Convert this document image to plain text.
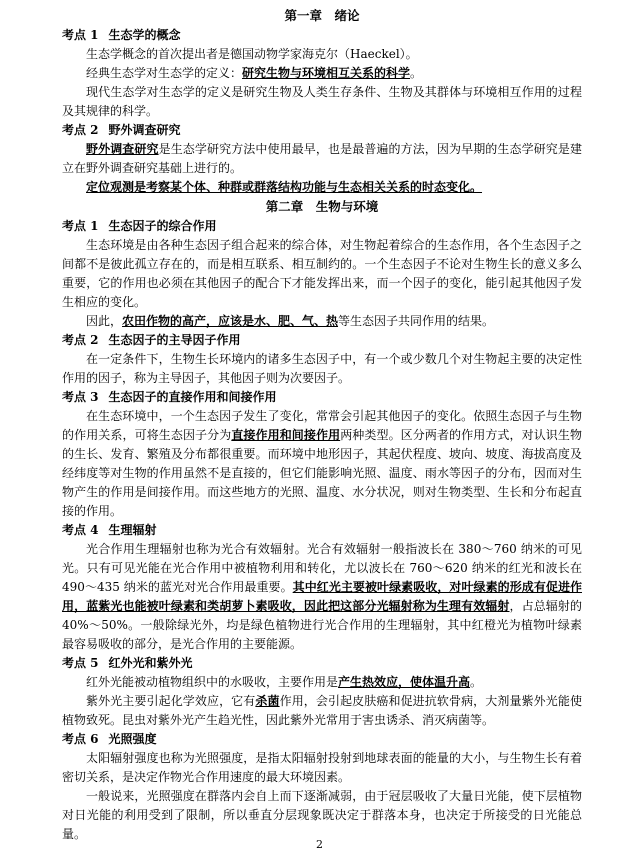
第一章　绪论
考点 1 生态学的概念
生态学概念的首次提出者是德国动物学家海克尔（Haeckel）。
经典生态学对生态学的定义：研究生物与环境相互关系的科学。
现代生态学对生态学的定义是研究生物及人类生存条件、生物及其群体与环境相互作用的过程及其规律的科学。
考点 2 野外调查研究
野外调查研究是生态学研究方法中使用最早，也是最普遍的方法，因为早期的生态学研究是建立在野外调查研究基础上进行的。
定位观测是考察某个体、种群或群落结构功能与生态相关关系的时态变化。
第二章　生物与环境
考点 1 生态因子的综合作用
生态环境是由各种生态因子组合起来的综合体，对生物起着综合的生态作用，各个生态因子之间都不是彼此孤立存在的，而是相互联系、相互制约的。一个生态因子不论对生物生长的意义多么重要，它的作用也必须在其他因子的配合下才能发挥出来，而一个因子的变化，能引起其他因子发生相应的变化。
因此，农田作物的高产，应该是水、肥、气、热等生态因子共同作用的结果。
考点 2 生态因子的主导因子作用
在一定条件下，生物生长环境内的诸多生态因子中，有一个或少数几个对生物起主要的决定性作用的因子，称为主导因子，其他因子则为次要因子。
考点 3 生态因子的直接作用和间接作用
在生态环境中，一个生态因子发生了变化，常常会引起其他因子的变化。依照生态因子与生物的作用关系，可将生态因子分为直接作用和间接作用两种类型。区分两者的作用方式，对认识生物的生长、发育、繁殖及分布都很重要。而环境中地形因子，其起伏程度、坡向、坡度、海拔高度及经纬度等对生物的作用虽然不是直接的，但它们能影响光照、温度、雨水等因子的分布，因而对生物产生的作用是间接作用。而这些地方的光照、温度、水分状况，则对生物类型、生长和分布起直接的作用。
考点 4 生理辐射
光合作用生理辐射也称为光合有效辐射。光合有效辐射一般指波长在 380～760 纳米的可见光。只有可见光能在光合作用中被植物利用和转化，尤以波长在 760～620 纳米的红光和波长在 490～435 纳米的蓝光对光合作用最重要。其中红光主要被叶绿素吸收，对叶绿素的形成有促进作用，蓝紫光也能被叶绿素和类胡萝卜素吸收，因此把这部分光辐射称为生理有效辐射，占总辐射的 40%～50%。一般除绿光外，均是绿色植物进行光合作用的生理辐射，其中红橙光为植物叶绿素最容易吸收的部分，是光合作用的主要能源。
考点 5 红外光和紫外光
红外光能被动植物组织中的水吸收，主要作用是产生热效应，使体温升高。
紫外光主要引起化学效应，它有杀菌作用，会引起皮肤癌和促进抗软骨病，大剂量紫外光能使植物致死。昆虫对紫外光产生趋光性，因此紫外光常用于害虫诱杀、消灭病菌等。
考点 6 光照强度
太阳辐射强度也称为光照强度，是指太阳辐射投射到地球表面的能量的大小，与生物生长有着密切关系，是决定作物光合作用速度的最大环境因素。
一般说来，光照强度在群落内会自上而下逐渐减弱，由于冠层吸收了大量日光能，使下层植物对日光能的利用受到了限制，所以垂直分层现象既决定于群落本身，也决定于所接受的日光能总量。
2
